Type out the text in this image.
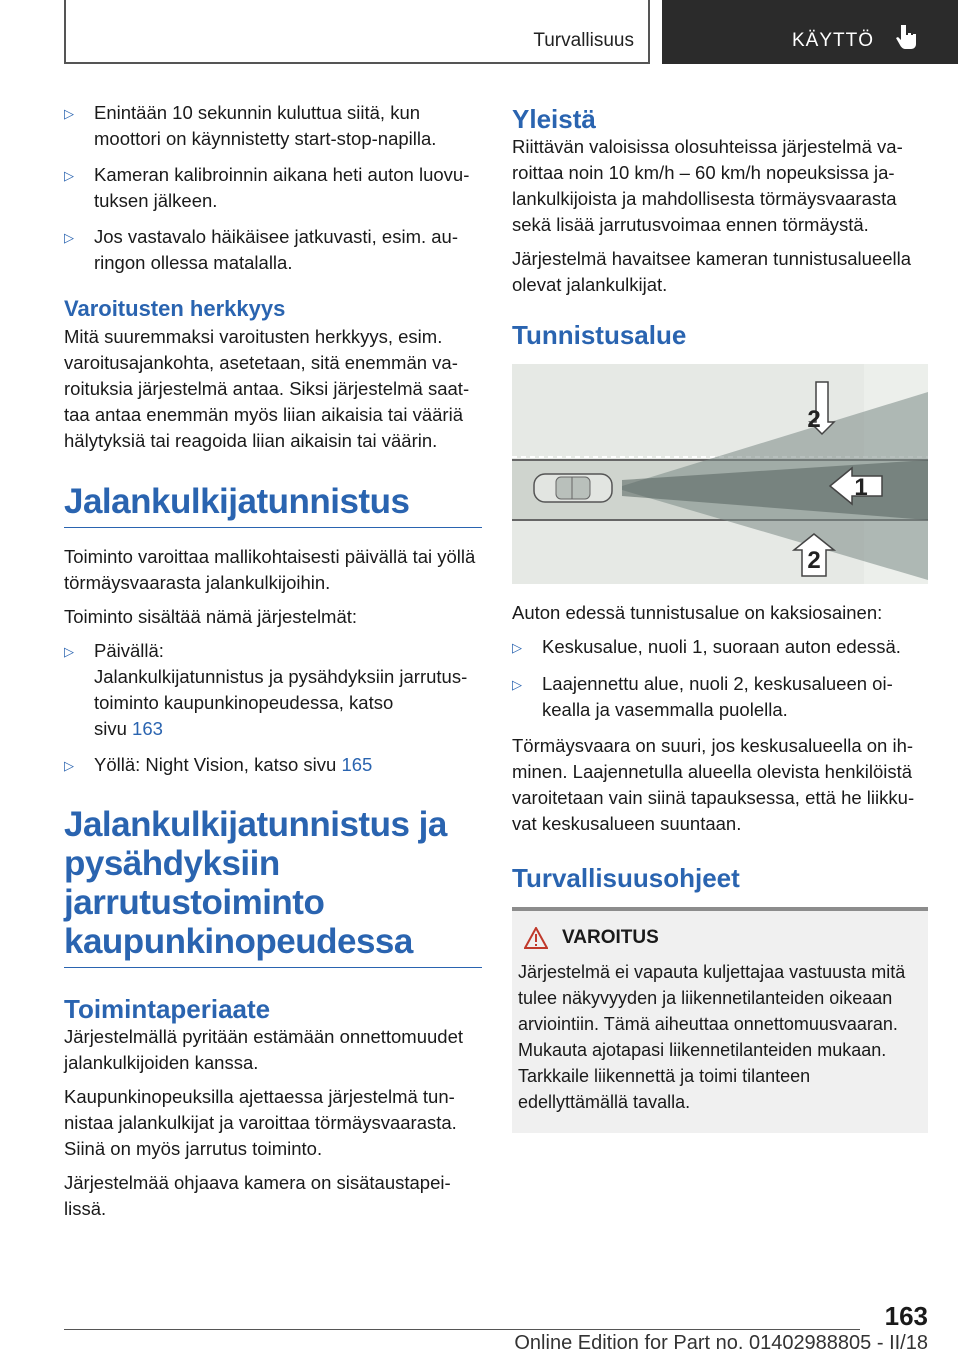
Turvallisuus	KÄYTTÖ
▷	Enintään 10 sekunnin kuluttua siitä, kun moottori on käynnistetty start-stop-napilla.
▷	Kameran kalibroinnin aikana heti auton luovutuksen jälkeen.
▷	Jos vastavalo häikäisee jatkuvasti, esim. auringon ollessa matalalla.
Varoitusten herkkyys

Mitä suuremmaksi varoitusten herkkyys, esim. varoitusajankohta, asetetaan, sitä enemmän varoituksia järjestelmä antaa. Siksi järjestelmä saattaa antaa enemmän myös liian aikaisia tai vääriä hälytyksiä tai reagoida liian aikaisin tai väärin.

Jalankulkijatunnistus

Toiminto varoittaa mallikohtaisesti päivällä tai yöllä törmäysvaarasta jalankulkijoihin.

Toiminto sisältää nämä järjestelmät:

▷	Päivällä:
Jalankulkijatunnistus ja pysähdyksiin jarrutustoiminto kaupunkinopeudessa, katso
sivu 163
▷	Yöllä: Night Vision, katso sivu 165
Jalankulkijatunnistus ja pysähdyksiin jarrutustoiminto kaupunkinopeudessa
Toimintaperiaate

Järjestelmällä pyritään estämään onnettomuudet jalankulkijoiden kanssa.

Kaupunkinopeuksilla ajettaessa järjestelmä tunnistaa jalankulkijat ja varoittaa törmäysvaarasta. Siinä on myös jarrutus toiminto.

Järjestelmää ohjaava kamera on sisätaustapeilissä.

Yleistä

Riittävän valoisissa olosuhteissa järjestelmä varoittaa noin 10 km/h – 60 km/h nopeuksissa jalankulkijoista ja mahdollisesta törmäysvaarasta sekä lisää jarrutusvoimaa ennen törmäystä.

Järjestelmä havaitsee kameran tunnistusalueella olevat jalankulkijat.

Tunnistusalue
2
1
2

Auton edessä tunnistusalue on kaksiosainen:

▷	Keskusalue, nuoli 1, suoraan auton edessä.
▷	Laajennettu alue, nuoli 2, keskusalueen oikealla ja vasemmalla puolella.

Törmäysvaara on suuri, jos keskusalueella on ihminen. Laajennetulla alueella olevista henkilöistä varoitetaan vain siinä tapauksessa, että he liikkuvat keskusalueen suuntaan.

Turvallisuusohjeet
VAROITUS

Järjestelmä ei vapauta kuljettajaa vastuusta mitä tulee näkyvyyden ja liikennetilanteiden oikeaan arviointiin. Tämä aiheuttaa onnettomuusvaaran. Mukauta ajotapasi liikennetilanteiden mukaan. Tarkkaile liikennettä ja toimi tilanteen edellyttämällä tavalla.

163
Online Edition for Part no. 01402988805 - II/18
